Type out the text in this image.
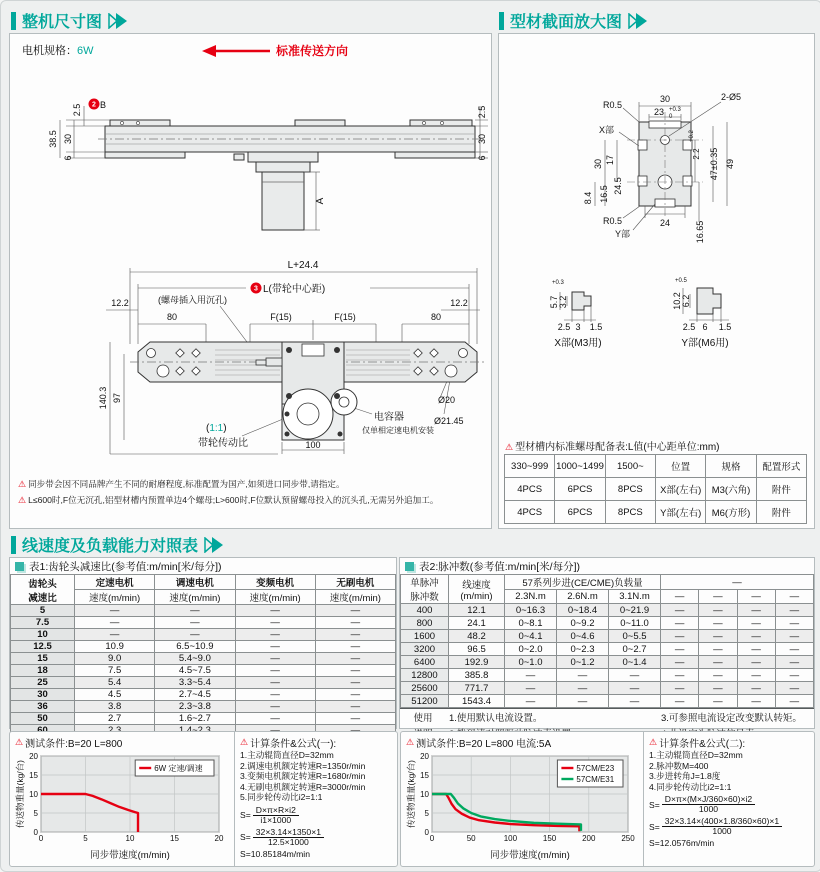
整机尺寸图
电机规格：6W	标准传送方向
2.5 2 B
38.5 30
6
2.5
30
6
A
L+24.4
3 L(带轮中心距)
12.2	12.2
80	80
F(15)	F(15)
(螺母插入用沉孔)
140.3 97	Ø20
Ø21.45
100
电容器
仅单相定速电机安装
(1:1)
带轮传动比
⚠ 同步带会因不同品牌产生不同的耐磨程度,标准配置为国产,如须进口同步带,请指定。
⚠ L≤600时,F位无沉孔,铝型材槽内预置单边4个螺母;L>600时,F位默认预留螺母投入的沉头孔,无需另外追加工。
型材截面放大图
30
23 +0.3
0
2-Ø5
R0.5
X部
30 17
16.5 24.5
8.4
R0.5
Y部
24	16.65
2.2
+0.2
47±0.35 49
5.7
+0.3
3.2
2.5 3 1.5
X部(M3用)
10.2
+0.5
6.2
2.5 6 1.5
Y部(M6用)
⚠ 型材槽内标准螺母配备表:L值(中心距单位:mm)
330~999	1000~1499	1500~	位置	规格	配置形式
4PCS	6PCS	8PCS	X部(左右)	M3(六角)	附件
4PCS	6PCS	8PCS	Y部(左右)	M6(方形)	附件
线速度及负载能力对照表
表1:齿轮头减速比(参考值:m/min[米/每分])
齿轮头
减速比	定速电机	调速电机	变频电机	无刷电机
	速度(m/min)	速度(m/min)	速度(m/min)	速度(m/min)
5	—	—	—	—
7.5	—	—	—	—
10	—	—	—	—
12.5	10.9	6.5~10.9	—	—
15	9.0	5.4~9.0	—	—
18	7.5	4.5~7.5	—	—
25	5.4	3.3~5.4	—	—
30	4.5	2.7~4.5	—	—
36	3.8	2.3~3.8	—	—
50	2.7	1.6~2.7	—	—

表2:脉冲数(参考值:m/min[米/每分])
单脉冲
脉冲数	线速度
(m/min)	57系列步进(CE/CME)负载量			—			
		2.3N.m	2.6N.m	3.1N.m	—	—	—	—
400	12.1	0~16.3	0~18.4	0~21.9	—	—	—	—
800	24.1	0~8.1	0~9.2	0~11.0	—	—	—	—
1600	48.2	0~4.1	0~4.6	0~5.5	—	—	—	—
3200	96.5	0~2.0	0~2.3	0~2.7	—	—	—	—
6400	192.9	0~1.0	0~1.2	0~1.4	—	—	—	—
12800	385.8	—	—	—	—	—	—	—
25600	771.7	—	—	—	—	—	—	—
51200	1543.4	—	—	—	—	—	—	—
使用	1.使用默认电流设置。	3.可参照电流设定改变默认转矩。
⚠ 测试条件:B=20 L=800
0	5	10	15	20
0
5
10
15
20
6W 定速/调速
同步带速度(m/min)
传送物重量(kg/台)
⚠ 计算条件&公式(一):
1.主动辊筒直径D=32mm
2.调速电机额定转速R=1350r/min
3.变频电机额定转速R=1680r/min
4.无刷电机额定转速R=3000r/min
5.同步轮传动比i2=1:1
$S= \frac{D\times\pi\times R\times i2}{i1\times 1000}$
$S= \frac{32\times 3.14\times 1350\times 1}{12.5\times 1000}$
S=10.85184m/min
⚠ 测试条件:B=20 L=800 电流:5A
0	50	100	150	200	250
0
5
10
15
20
57CM/E23
57CM/E31
同步带速度(m/min)
传送物重量(kg/台)
⚠ 计算条件&公式(二):
1.主动辊筒直径D=32mm
2.脉冲数M=400
3.步进转角J=1.8度
4.同步轮传动比i2=1:1
$S= \frac{D\times\pi\times(M\times J/360\times 60)\times i2}{1000}$
$S= \frac{32\times 3.14\times(400\times 1.8/360\times 60)\times 1}{1000}$
S=12.0576m/min
